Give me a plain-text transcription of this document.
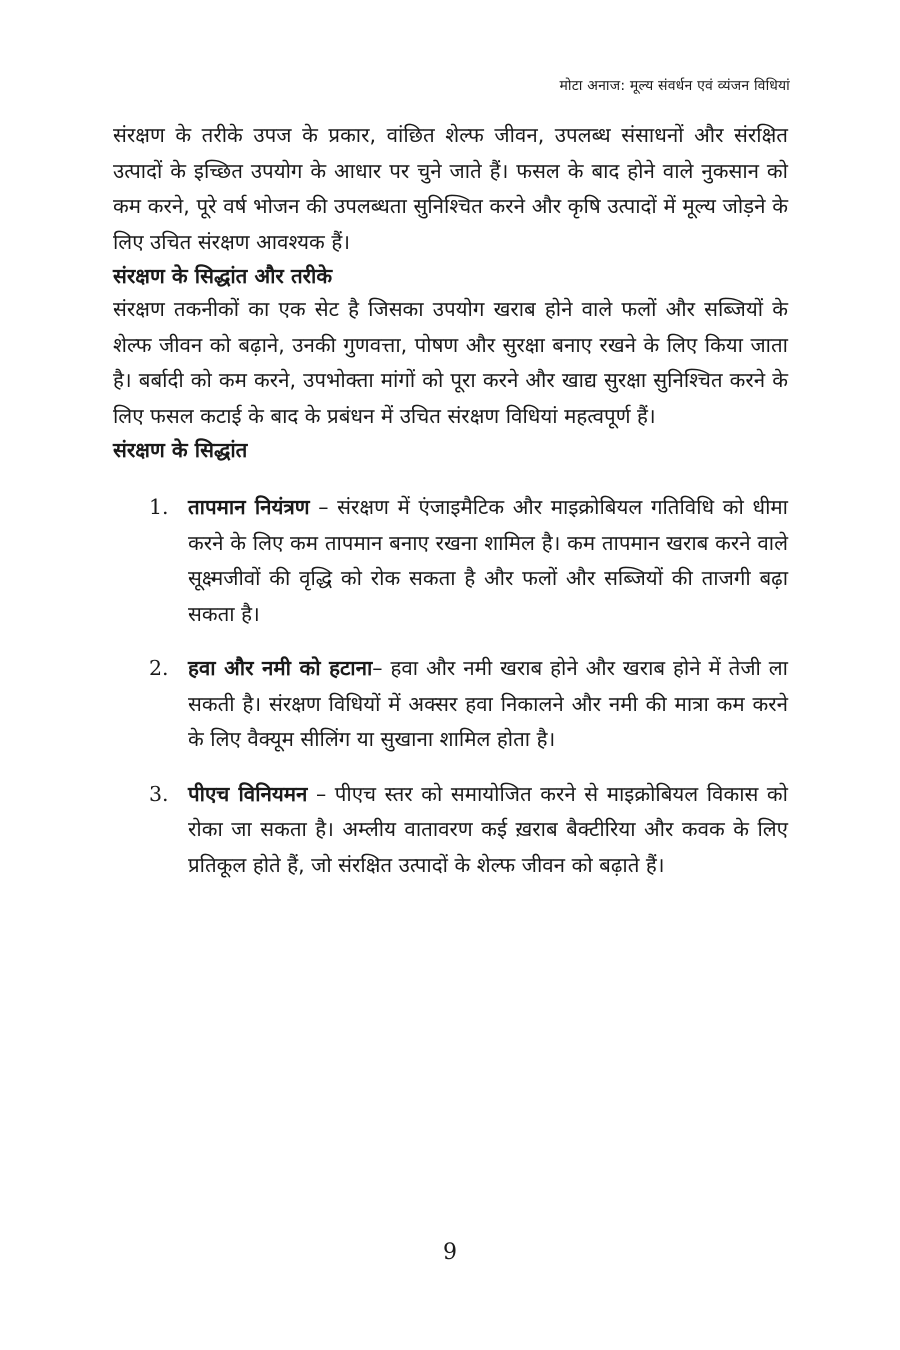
मोटा अनाज: मूल्य संवर्धन एवं व्यंजन विधियां

संरक्षण के तरीके उपज के प्रकार, वांछित शेल्फ जीवन, उपलब्ध संसाधनों और संरक्षित उत्पादों के इच्छित उपयोग के आधार पर चुने जाते हैं। फसल के बाद होने वाले नुकसान को कम करने, पूरे वर्ष भोजन की उपलब्धता सुनिश्चित करने और कृषि उत्पादों में मूल्य जोड़ने के लिए उचित संरक्षण आवश्यक हैं।

संरक्षण के सिद्धांत और तरीके

संरक्षण तकनीकों का एक सेट है जिसका उपयोग खराब होने वाले फलों और सब्जियों के शेल्फ जीवन को बढ़ाने, उनकी गुणवत्ता, पोषण और सुरक्षा बनाए रखने के लिए किया जाता है। बर्बादी को कम करने, उपभोक्ता मांगों को पूरा करने और खाद्य सुरक्षा सुनिश्चित करने के लिए फसल कटाई के बाद के प्रबंधन में उचित संरक्षण विधियां महत्वपूर्ण हैं।

संरक्षण के सिद्धांत
1. तापमान नियंत्रण – संरक्षण में एंजाइमैटिक और माइक्रोबियल गतिविधि को धीमा करने के लिए कम तापमान बनाए रखना शामिल है। कम तापमान खराब करने वाले सूक्ष्मजीवों की वृद्धि को रोक सकता है और फलों और सब्जियों की ताजगी बढ़ा सकता है।
2. हवा और नमी को हटाना– हवा और नमी खराब होने और खराब होने में तेजी ला सकती है। संरक्षण विधियों में अक्सर हवा निकालने और नमी की मात्रा कम करने के लिए वैक्यूम सीलिंग या सुखाना शामिल होता है।
3. पीएच विनियमन – पीएच स्तर को समायोजित करने से माइक्रोबियल विकास को रोका जा सकता है। अम्लीय वातावरण कई ख़राब बैक्टीरिया और कवक के लिए प्रतिकूल होते हैं, जो संरक्षित उत्पादों के शेल्फ जीवन को बढ़ाते हैं।
9
